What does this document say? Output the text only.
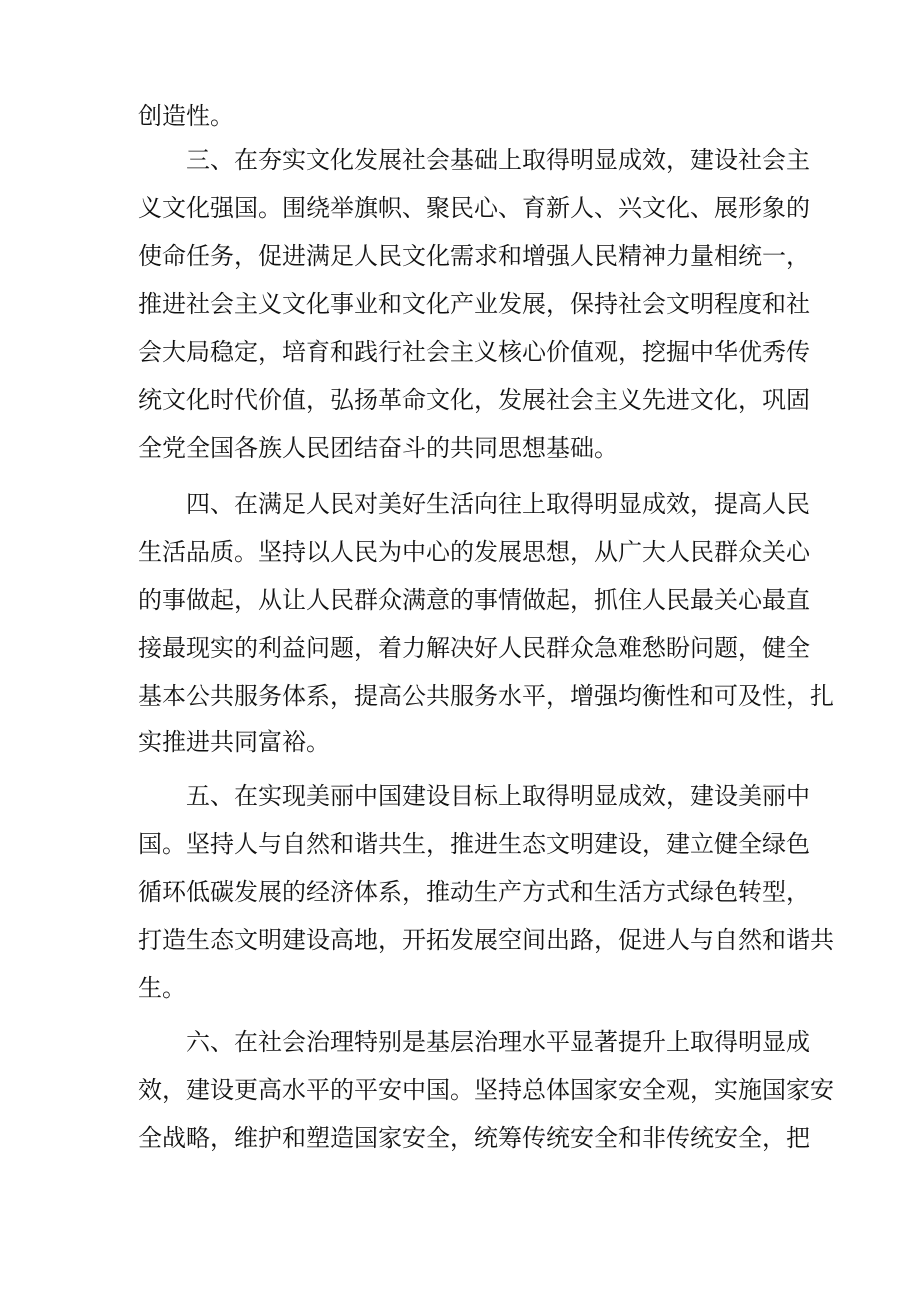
创造性。
三、在夯实文化发展社会基础上取得明显成效，建设社会主
义文化强国。围绕举旗帜、聚民心、育新人、兴文化、展形象的
使命任务，促进满足人民文化需求和增强人民精神力量相统一，
推进社会主义文化事业和文化产业发展，保持社会文明程度和社
会大局稳定，培育和践行社会主义核心价值观，挖掘中华优秀传
统文化时代价值，弘扬革命文化，发展社会主义先进文化，巩固
全党全国各族人民团结奋斗的共同思想基础。
四、在满足人民对美好生活向往上取得明显成效，提高人民
生活品质。坚持以人民为中心的发展思想，从广大人民群众关心
的事做起，从让人民群众满意的事情做起，抓住人民最关心最直
接最现实的利益问题，着力解决好人民群众急难愁盼问题，健全
基本公共服务体系，提高公共服务水平，增强均衡性和可及性，扎
实推进共同富裕。
五、在实现美丽中国建设目标上取得明显成效，建设美丽中
国。坚持人与自然和谐共生，推进生态文明建设，建立健全绿色
循环低碳发展的经济体系，推动生产方式和生活方式绿色转型，
打造生态文明建设高地，开拓发展空间出路，促进人与自然和谐共
生。
六、在社会治理特别是基层治理水平显著提升上取得明显成
效，建设更高水平的平安中国。坚持总体国家安全观，实施国家安
全战略，维护和塑造国家安全，统筹传统安全和非传统安全，把
